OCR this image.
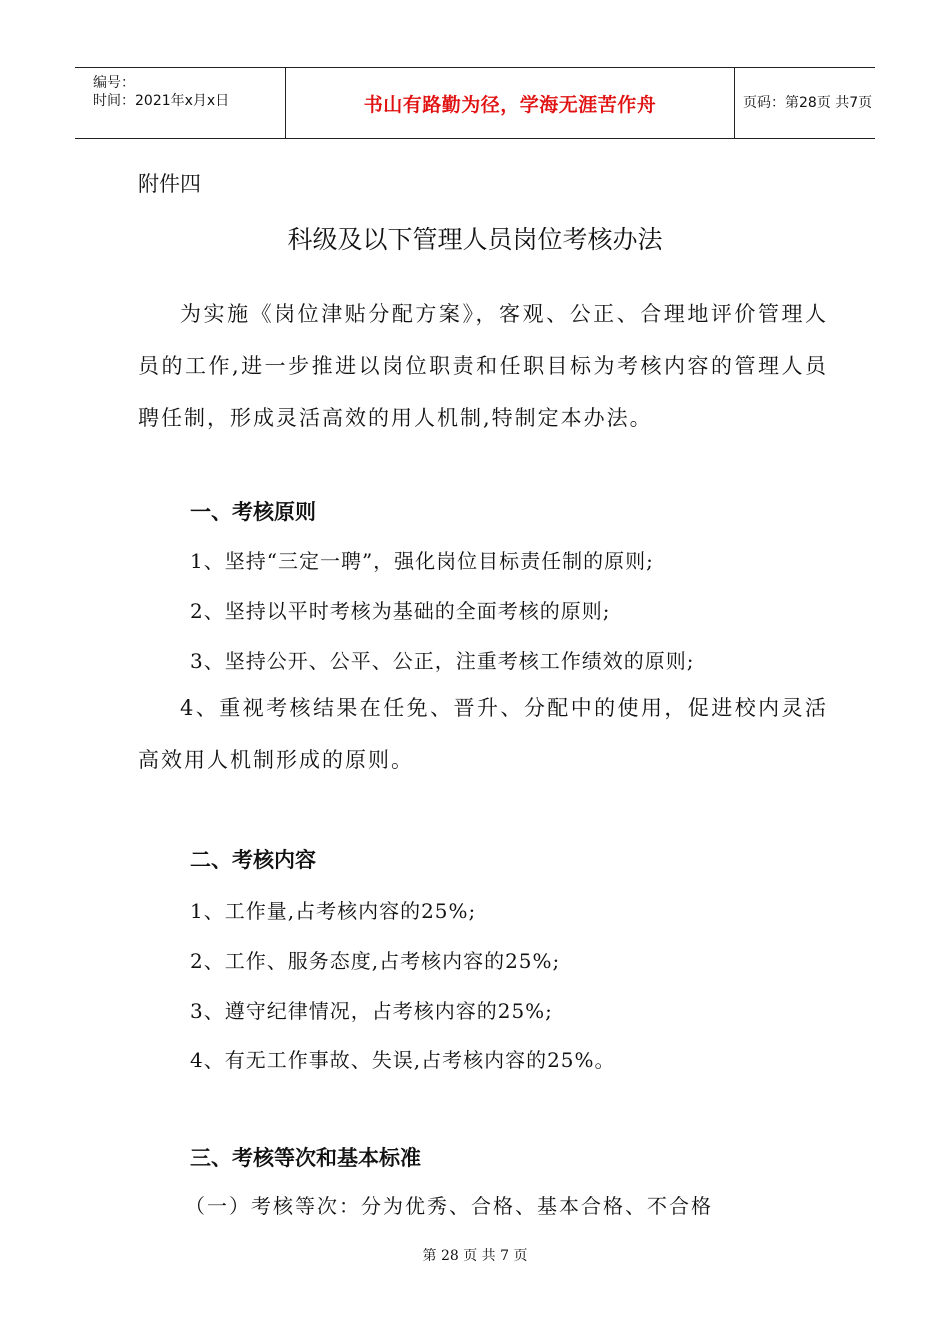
编号：
时间：2021年x月x日	书山有路勤为径，学海无涯苦作舟	页码：第28页 共7页
附件四
科级及以下管理人员岗位考核办法
为实施《岗位津贴分配方案》，客观、公正、合理地评价管理人员的工作,进一步推进以岗位职责和任职目标为考核内容的管理人员聘任制，形成灵活高效的用人机制,特制定本办法。
一、考核原则
1、坚持“三定一聘”，强化岗位目标责任制的原则;
2、坚持以平时考核为基础的全面考核的原则;
3、坚持公开、公平、公正，注重考核工作绩效的原则;
4、重视考核结果在任免、晋升、分配中的使用，促进校内灵活高效用人机制形成的原则。
二、考核内容
1、工作量,占考核内容的25%;
2、工作、服务态度,占考核内容的25%;
3、遵守纪律情况，占考核内容的25%;
4、有无工作事故、失误,占考核内容的25%。
三、考核等次和基本标准
（一）考核等次：分为优秀、合格、基本合格、不合格
第 28 页 共 7 页
